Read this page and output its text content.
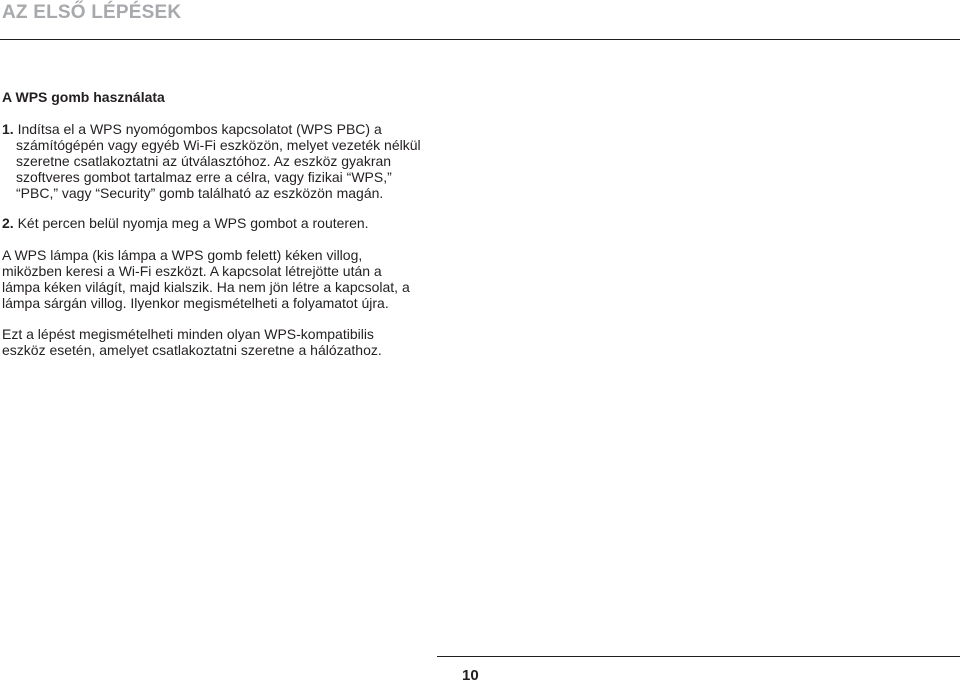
AZ ELSŐ LÉPÉSEK
A WPS gomb használata
1. Indítsa el a WPS nyomógombos kapcsolatot (WPS PBC) a
számítógépén vagy egyéb Wi-Fi eszközön, melyet vezeték nélkül
szeretne csatlakoztatni az útválasztóhoz. Az eszköz gyakran
szoftveres gombot tartalmaz erre a célra, vagy fizikai “WPS,”
“PBC,” vagy “Security” gomb található az eszközön magán.
2. Két percen belül nyomja meg a WPS gombot a routeren.
A WPS lámpa (kis lámpa a WPS gomb felett) kéken villog,
miközben keresi a Wi-Fi eszközt. A kapcsolat létrejötte után a
lámpa kéken világít, majd kialszik. Ha nem jön létre a kapcsolat, a
lámpa sárgán villog. Ilyenkor megismételheti a folyamatot újra.
Ezt a lépést megismételheti minden olyan WPS-kompatibilis
eszköz esetén, amelyet csatlakoztatni szeretne a hálózathoz.
10
